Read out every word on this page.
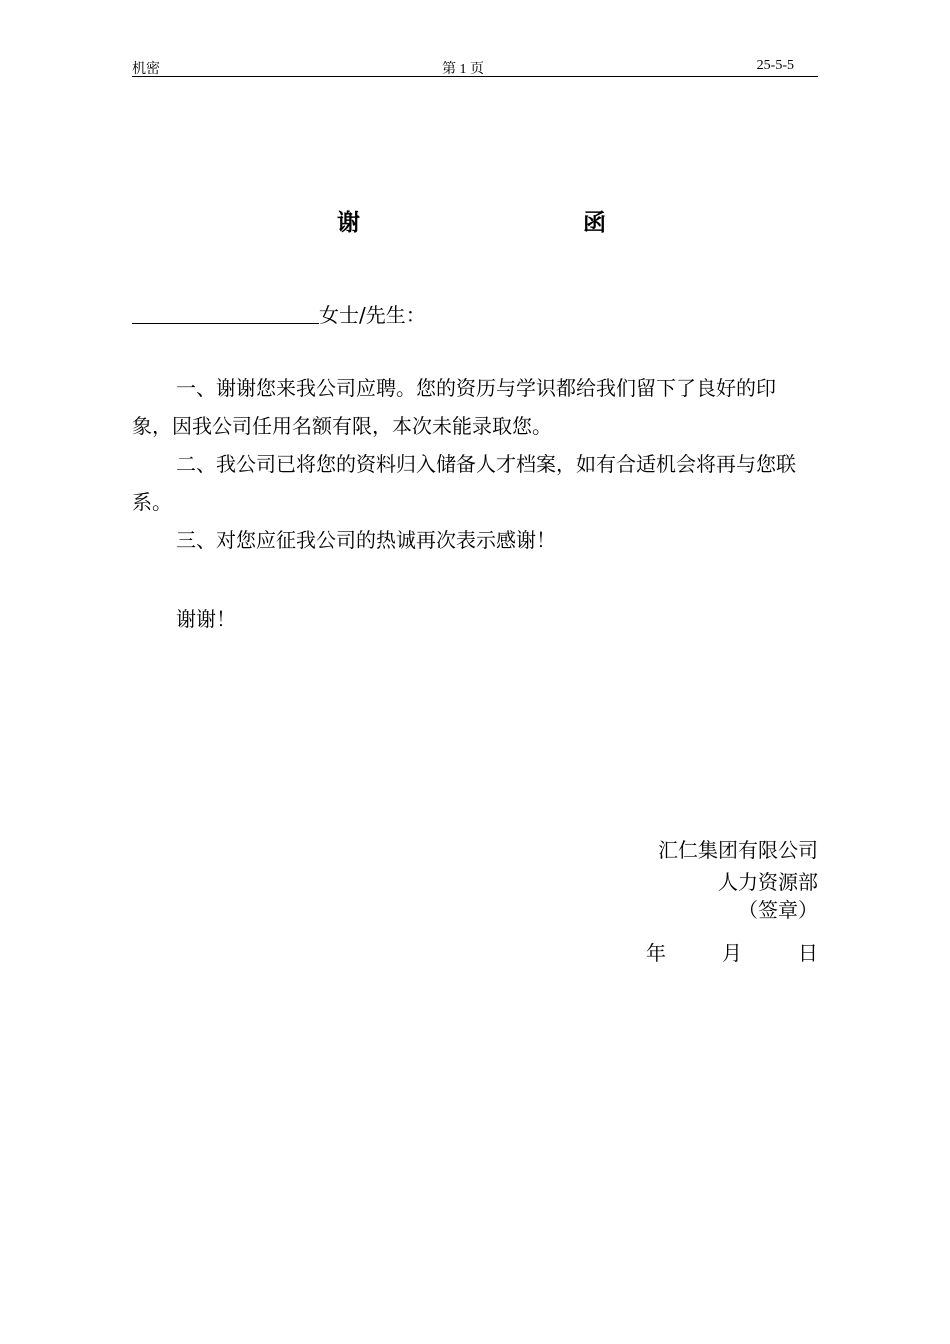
机密	第 1 页	25-5-5
谢	函
女士/先生：

一、谢谢您来我公司应聘。您的资历与学识都给我们留下了良好的印象，因我公司任用名额有限，本次未能录取您。

二、我公司已将您的资料归入储备人才档案，如有合适机会将再与您联系。

三、对您应征我公司的热诚再次表示感谢！

谢谢！
汇仁集团有限公司
人力资源部
（签章）
年	月	日
